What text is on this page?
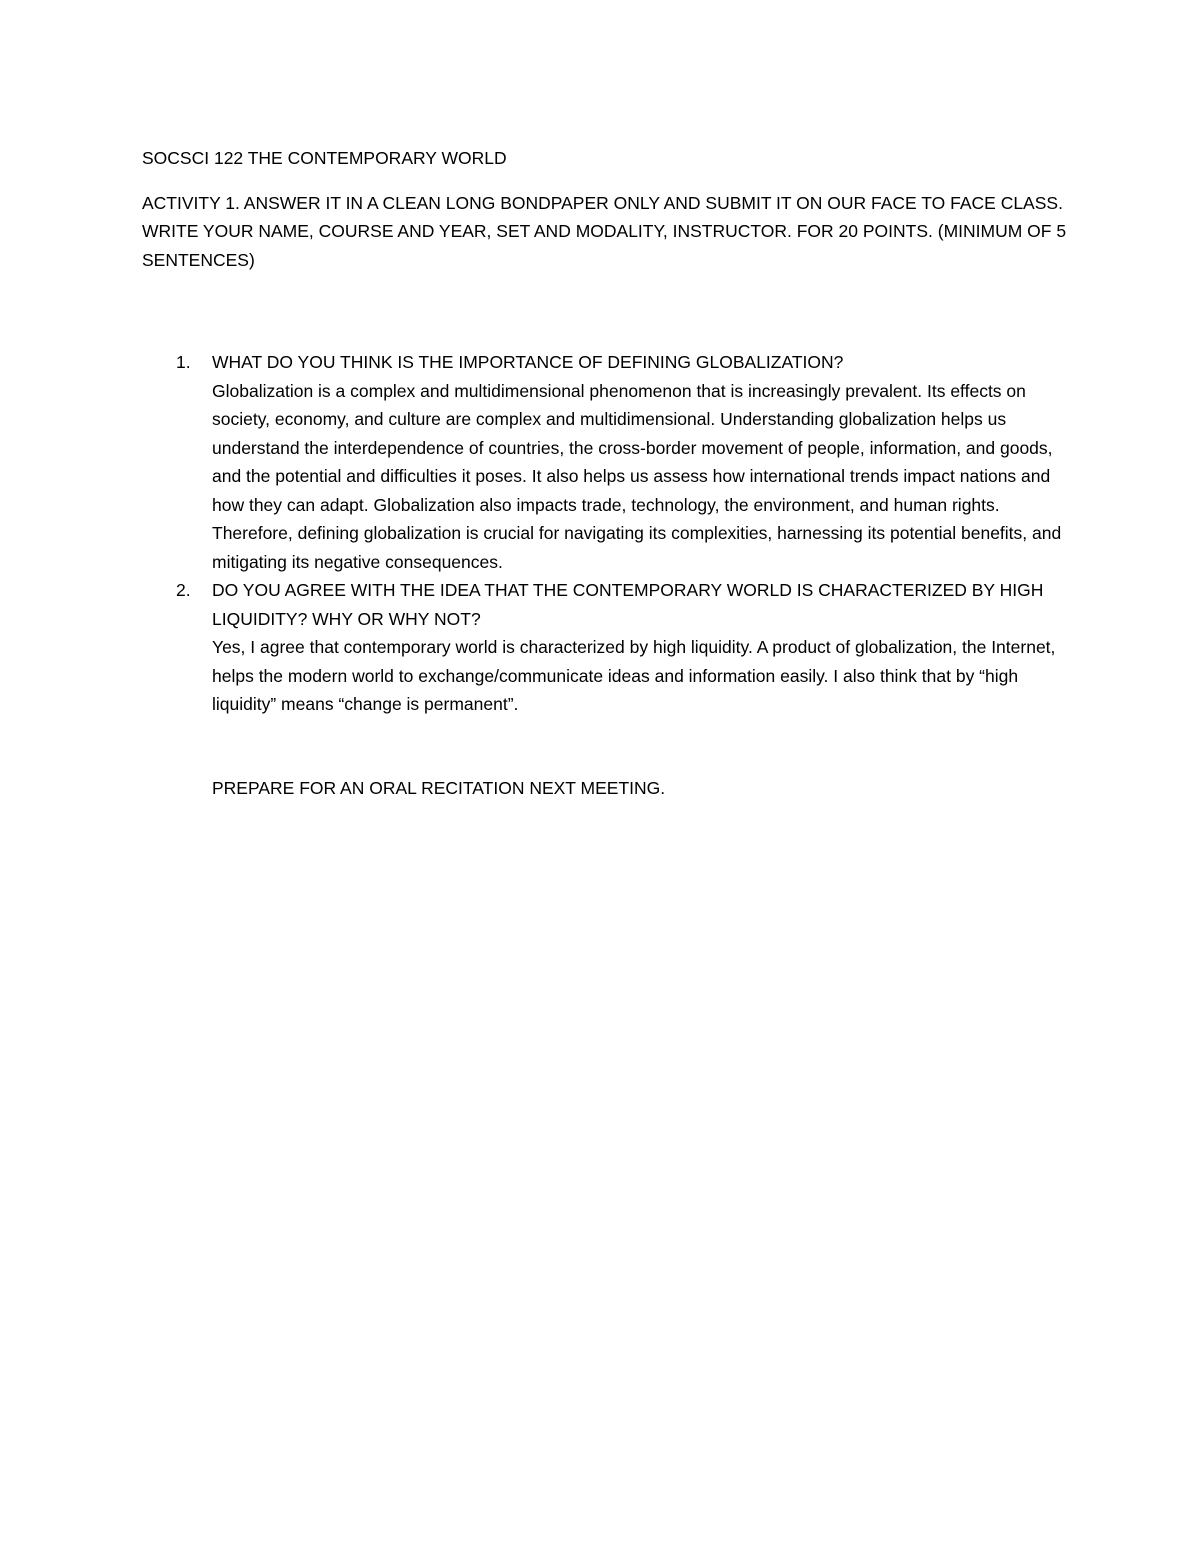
SOCSCI 122 THE CONTEMPORARY WORLD

ACTIVITY 1. ANSWER IT IN A CLEAN LONG BONDPAPER ONLY AND SUBMIT IT ON OUR FACE TO FACE CLASS. WRITE YOUR NAME, COURSE AND YEAR, SET AND MODALITY, INSTRUCTOR. FOR 20 POINTS. (MINIMUM OF 5 SENTENCES)

1. WHAT DO YOU THINK IS THE IMPORTANCE OF DEFINING GLOBALIZATION?
Globalization is a complex and multidimensional phenomenon that is increasingly prevalent. Its effects on society, economy, and culture are complex and multidimensional. Understanding globalization helps us understand the interdependence of countries, the cross-border movement of people, information, and goods, and the potential and difficulties it poses. It also helps us assess how international trends impact nations and how they can adapt. Globalization also impacts trade, technology, the environment, and human rights. Therefore, defining globalization is crucial for navigating its complexities, harnessing its potential benefits, and mitigating its negative consequences.
2. DO YOU AGREE WITH THE IDEA THAT THE CONTEMPORARY WORLD IS CHARACTERIZED BY HIGH LIQUIDITY? WHY OR WHY NOT?
Yes, I agree that contemporary world is characterized by high liquidity. A product of globalization, the Internet, helps the modern world to exchange/communicate ideas and information easily. I also think that by “high liquidity” means “change is permanent”.

PREPARE FOR AN ORAL RECITATION NEXT MEETING.
